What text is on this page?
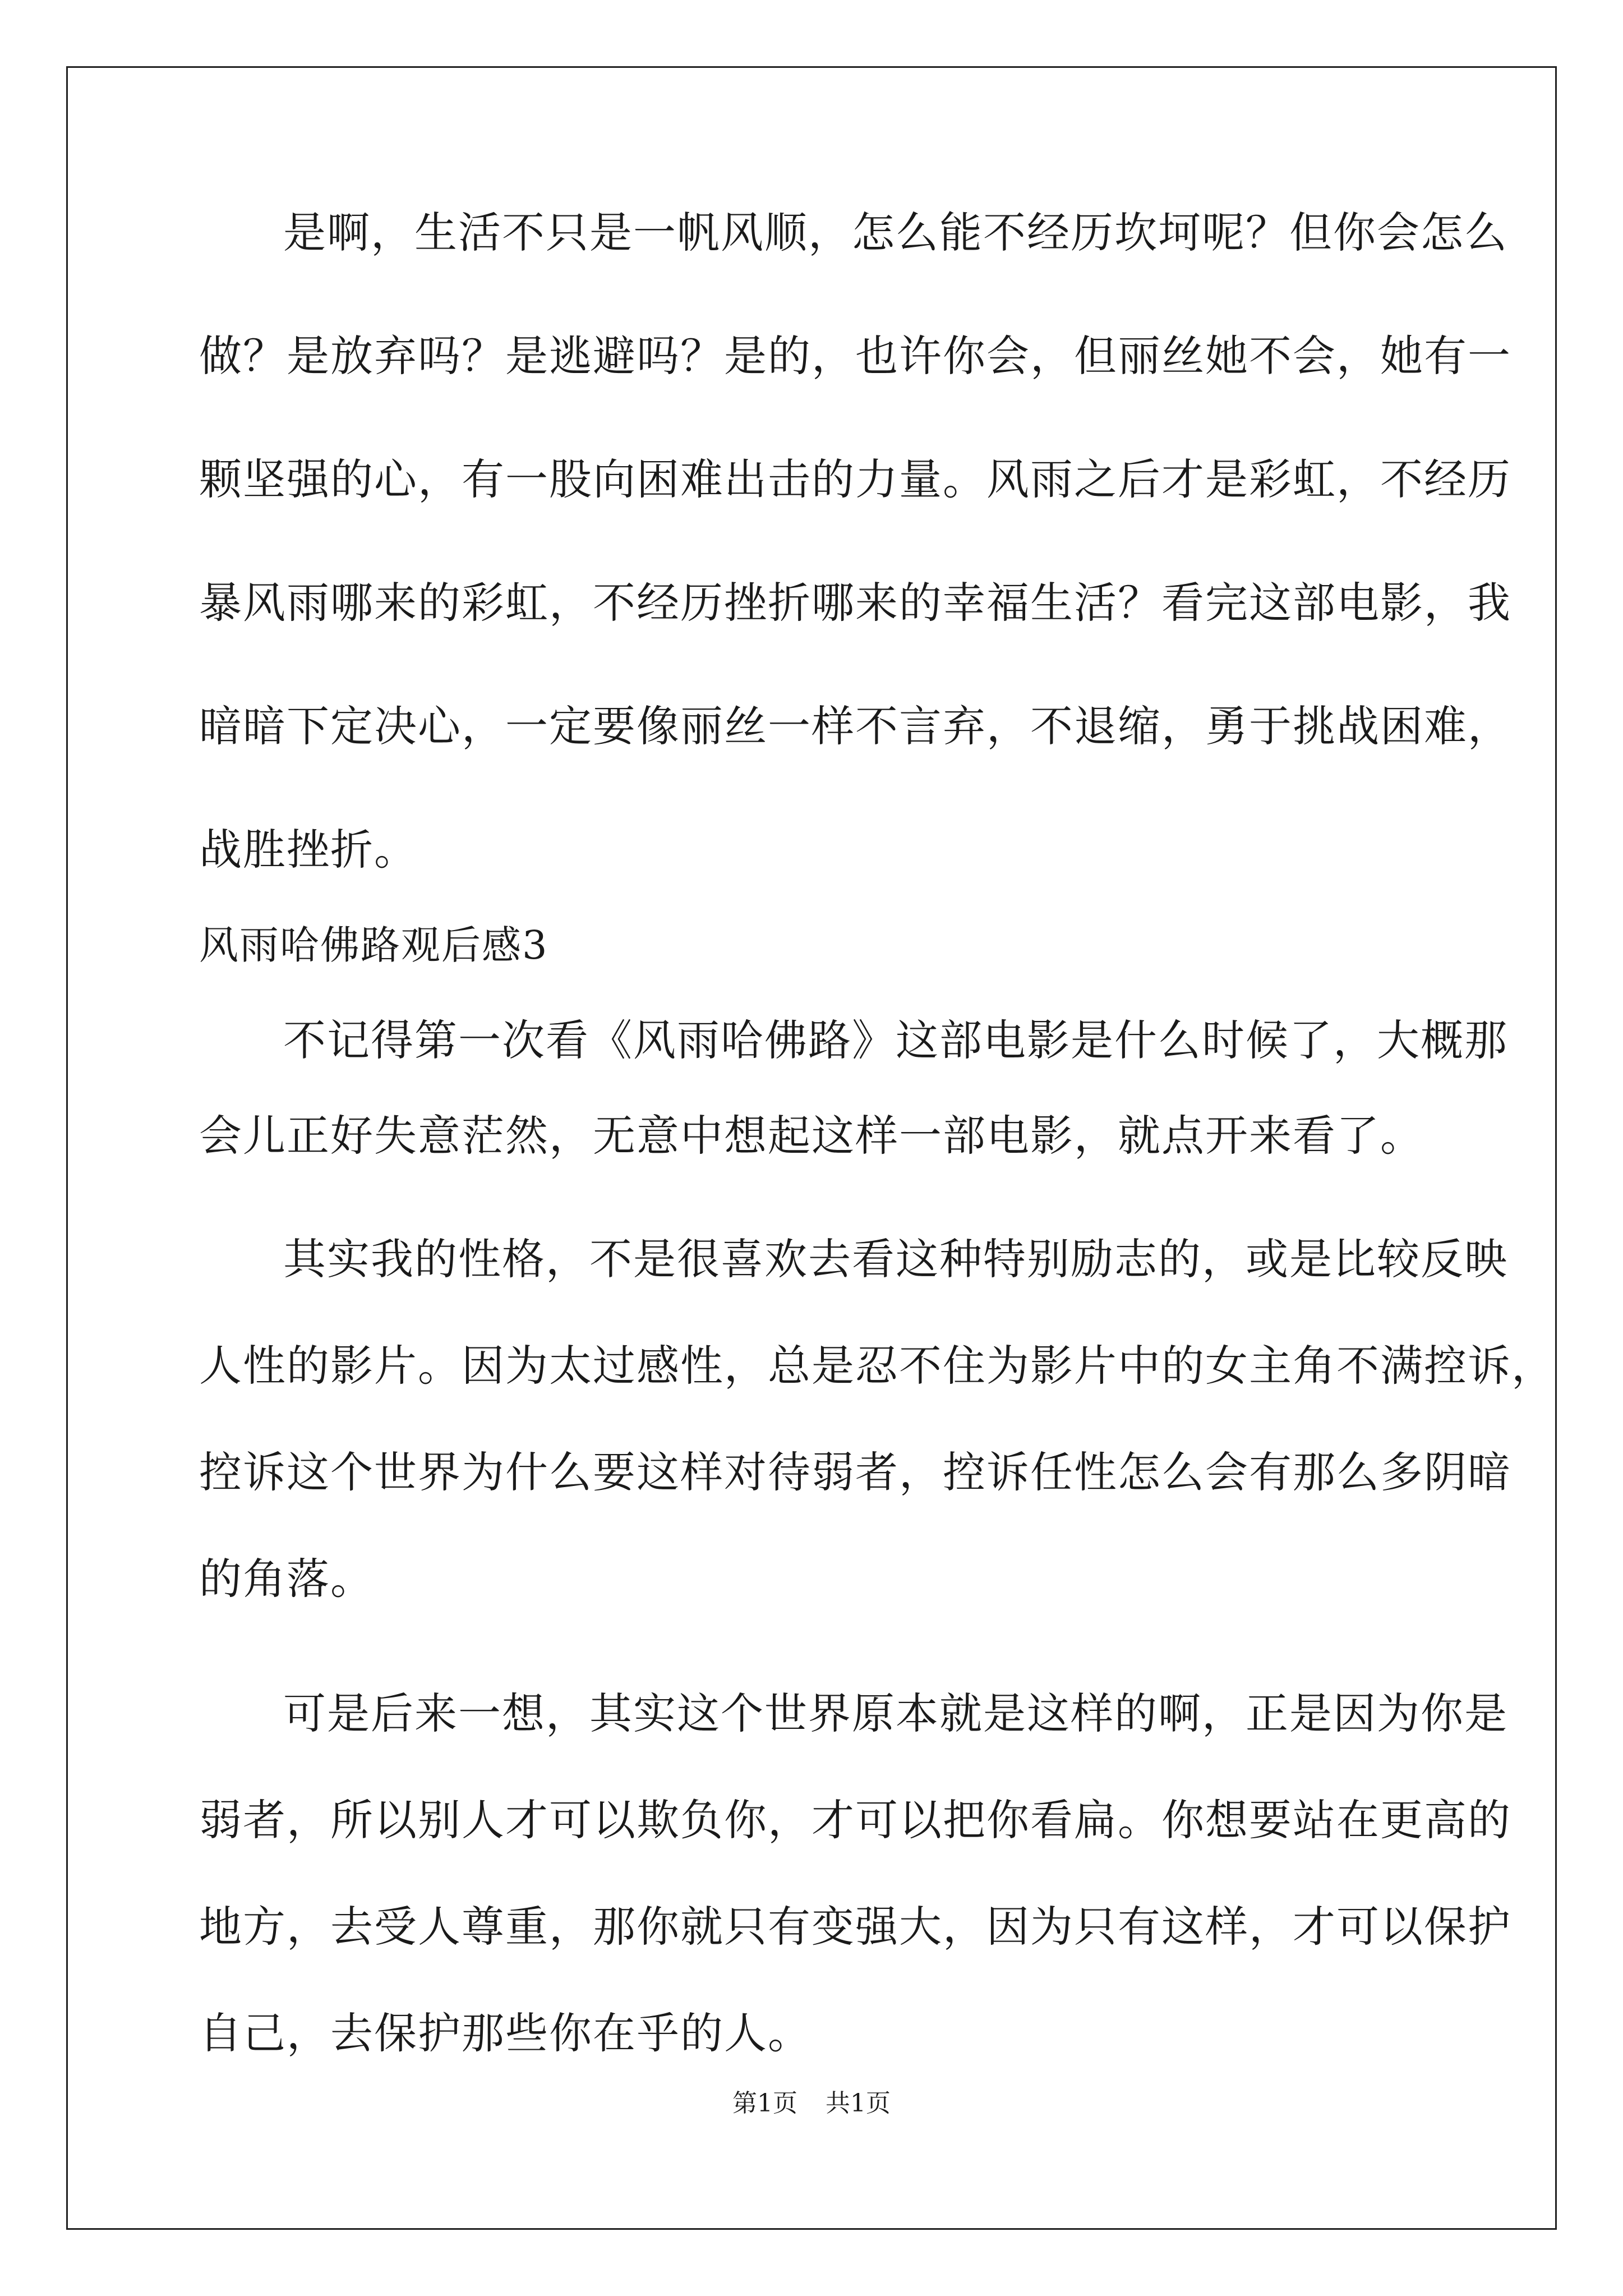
是啊，生活不只是一帆风顺，怎么能不经历坎坷呢？但你会怎么
做？是放弃吗？是逃避吗？是的，也许你会，但丽丝她不会，她有一
颗坚强的心，有一股向困难出击的力量。风雨之后才是彩虹，不经历
暴风雨哪来的彩虹，不经历挫折哪来的幸福生活？看完这部电影，我
暗暗下定决心，一定要像丽丝一样不言弃，不退缩，勇于挑战困难，
战胜挫折。
风雨哈佛路观后感3
不记得第一次看《风雨哈佛路》这部电影是什么时候了，大概那
会儿正好失意茫然，无意中想起这样一部电影，就点开来看了。
其实我的性格，不是很喜欢去看这种特别励志的，或是比较反映
人性的影片。因为太过感性，总是忍不住为影片中的女主角不满控诉，
控诉这个世界为什么要这样对待弱者，控诉任性怎么会有那么多阴暗
的角落。
可是后来一想，其实这个世界原本就是这样的啊，正是因为你是
弱者，所以别人才可以欺负你，才可以把你看扁。你想要站在更高的
地方，去受人尊重，那你就只有变强大，因为只有这样，才可以保护
自己，去保护那些你在乎的人。
第1页 共1页
